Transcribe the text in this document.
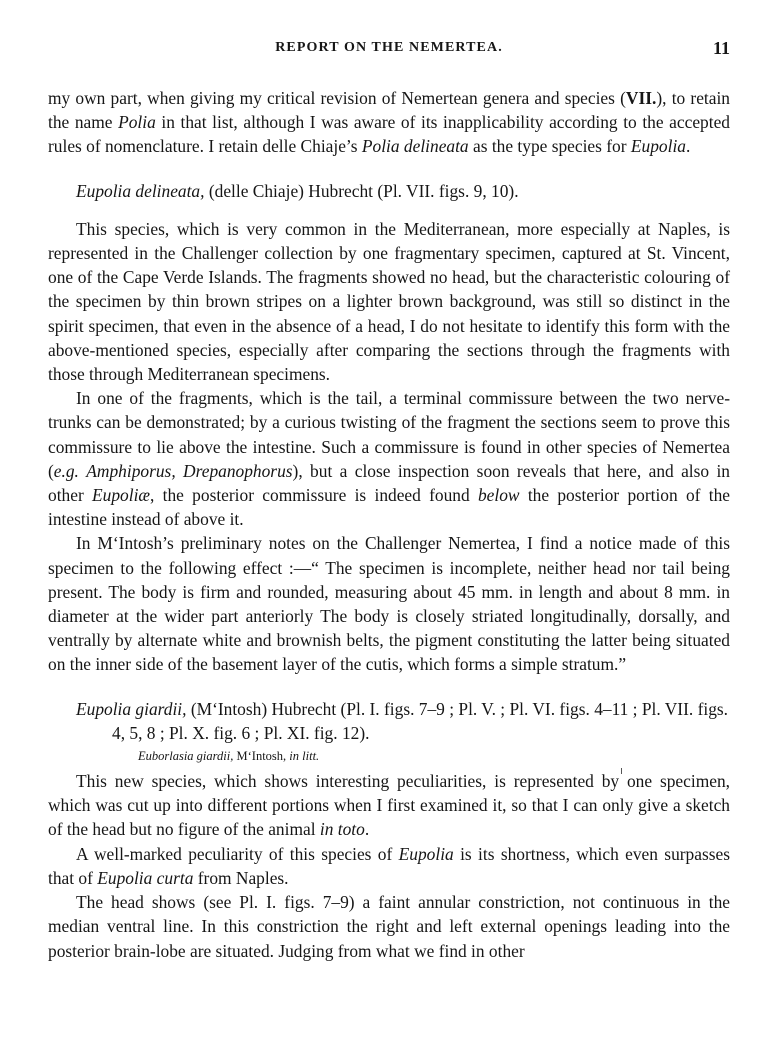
REPORT ON THE NEMERTEA.	11

my own part, when giving my critical revision of Nemertean genera and species (VII.), to retain the name Polia in that list, although I was aware of its inapplicability according to the accepted rules of nomenclature. I retain delle Chiaje’s Polia delineata as the type species for Eupolia.

Eupolia delineata, (delle Chiaje) Hubrecht (Pl. VII. figs. 9, 10).

This species, which is very common in the Mediterranean, more especially at Naples, is represented in the Challenger collection by one fragmentary specimen, captured at St. Vincent, one of the Cape Verde Islands. The fragments showed no head, but the characteristic colouring of the specimen by thin brown stripes on a lighter brown background, was still so distinct in the spirit specimen, that even in the absence of a head, I do not hesitate to identify this form with the above-mentioned species, especially after comparing the sections through the fragments with those through Mediterranean specimens.

In one of the fragments, which is the tail, a terminal commissure between the two nerve-trunks can be demonstrated; by a curious twisting of the fragment the sections seem to prove this commissure to lie above the intestine. Such a commissure is found in other species of Nemertea (e.g. Amphiporus, Drepanophorus), but a close inspection soon reveals that here, and also in other Eupoliæ, the posterior commissure is indeed found below the posterior portion of the intestine instead of above it.

In M‘Intosh’s preliminary notes on the Challenger Nemertea, I find a notice made of this specimen to the following effect :—“ The specimen is incomplete, neither head nor tail being present. The body is firm and rounded, measuring about 45 mm. in length and about 8 mm. in diameter at the wider part anteriorly The body is closely striated longitudinally, dorsally, and ventrally by alternate white and brownish belts, the pigment constituting the latter being situated on the inner side of the basement layer of the cutis, which forms a simple stratum.”

Eupolia giardii, (M‘Intosh) Hubrecht (Pl. I. figs. 7–9 ; Pl. V. ; Pl. VI. figs. 4–11 ; Pl. VII. figs. 4, 5, 8 ; Pl. X. fig. 6 ; Pl. XI. fig. 12).
Euborlasia giardii, M‘Intosh, in litt.

This new species, which shows interesting peculiarities, is represented by one specimen, which was cut up into different portions when I first examined it, so that I can only give a sketch of the head but no figure of the animal in toto.

A well-marked peculiarity of this species of Eupolia is its shortness, which even surpasses that of Eupolia curta from Naples.

The head shows (see Pl. I. figs. 7–9) a faint annular constriction, not continuous in the median ventral line. In this constriction the right and left external openings leading into the posterior brain-lobe are situated. Judging from what we find in other
